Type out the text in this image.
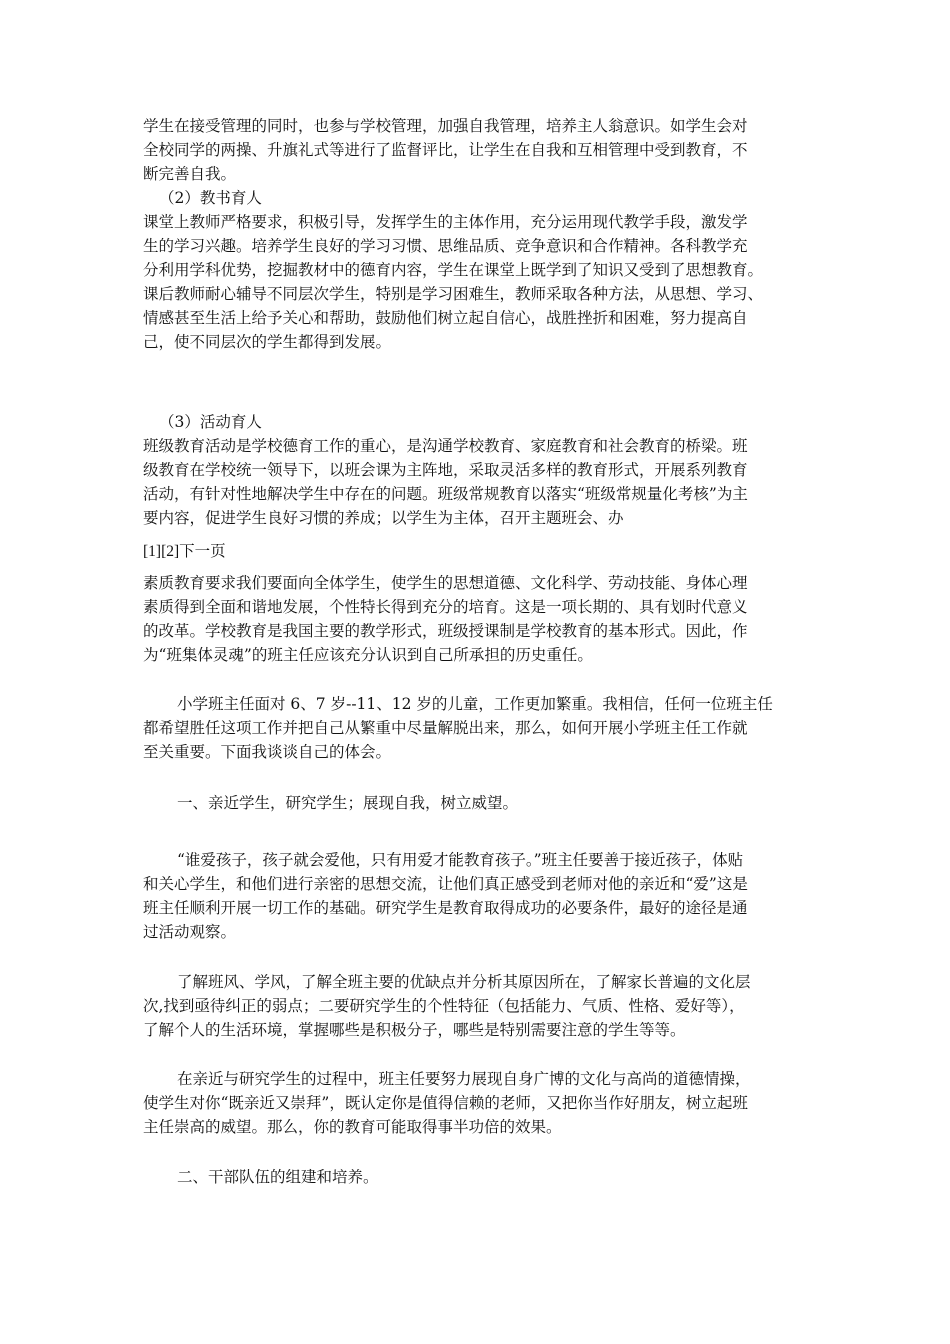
学生在接受管理的同时，也参与学校管理，加强自我管理，培养主人翁意识。如学生会对
全校同学的两操、升旗礼式等进行了监督评比，让学生在自我和互相管理中受到教育，不
断完善自我。
（2）教书育人
课堂上教师严格要求，积极引导，发挥学生的主体作用，充分运用现代教学手段，激发学
生的学习兴趣。培养学生良好的学习习惯、思维品质、竞争意识和合作精神。各科教学充
分利用学科优势，挖掘教材中的德育内容，学生在课堂上既学到了知识又受到了思想教育。
课后教师耐心辅导不同层次学生，特别是学习困难生，教师采取各种方法，从思想、学习、
情感甚至生活上给予关心和帮助，鼓励他们树立起自信心，战胜挫折和困难，努力提高自
己，使不同层次的学生都得到发展。
（3）活动育人
班级教育活动是学校德育工作的重心，是沟通学校教育、家庭教育和社会教育的桥梁。班
级教育在学校统一领导下，以班会课为主阵地，采取灵活多样的教育形式，开展系列教育
活动，有针对性地解决学生中存在的问题。班级常规教育以落实“班级常规量化考核”为主
要内容，促进学生良好习惯的养成；以学生为主体，召开主题班会、办
[1][2]下一页
素质教育要求我们要面向全体学生，使学生的思想道德、文化科学、劳动技能、身体心理
素质得到全面和谐地发展，个性特长得到充分的培育。这是一项长期的、具有划时代意义
的改革。学校教育是我国主要的教学形式，班级授课制是学校教育的基本形式。因此，作
为“班集体灵魂”的班主任应该充分认识到自己所承担的历史重任。
小学班主任面对 6、7 岁--11、12 岁的儿童，工作更加繁重。我相信，任何一位班主任
都希望胜任这项工作并把自己从繁重中尽量解脱出来，那么，如何开展小学班主任工作就
至关重要。下面我谈谈自己的体会。
一、亲近学生，研究学生；展现自我，树立威望。
“谁爱孩子，孩子就会爱他，只有用爱才能教育孩子。”班主任要善于接近孩子，体贴
和关心学生，和他们进行亲密的思想交流，让他们真正感受到老师对他的亲近和“爱”这是
班主任顺利开展一切工作的基础。研究学生是教育取得成功的必要条件，最好的途径是通
过活动观察。
了解班风、学风，了解全班主要的优缺点并分析其原因所在，了解家长普遍的文化层
次,找到亟待纠正的弱点；二要研究学生的个性特征（包括能力、气质、性格、爱好等），
了解个人的生活环境，掌握哪些是积极分子，哪些是特别需要注意的学生等等。
在亲近与研究学生的过程中，班主任要努力展现自身广博的文化与高尚的道德情操，
使学生对你“既亲近又崇拜”，既认定你是值得信赖的老师，又把你当作好朋友，树立起班
主任崇高的威望。那么，你的教育可能取得事半功倍的效果。
二、干部队伍的组建和培养。
